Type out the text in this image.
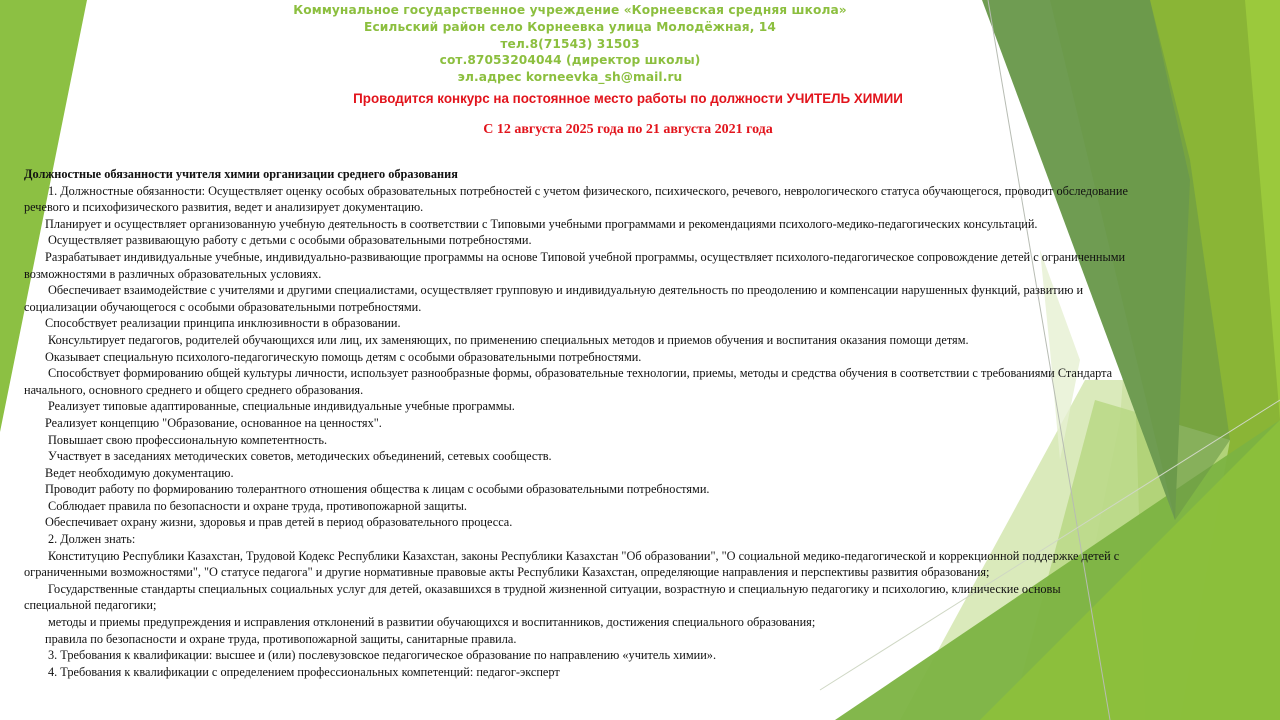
Коммунальное государственное учреждение «Корнеевская средняя школа»
Есильский район село Корнеевка улица Молодёжная, 14
тел.8(71543) 31503
сот.87053204044 (директор школы)
эл.адрес korneevka_sh@mail.ru
Проводится конкурс на постоянное место работы по должности УЧИТЕЛЬ ХИМИИ
С 12 августа 2025 года по 21 августа 2021 года
Должностные обязанности учителя химии организации среднего образования
1. Должностные обязанности: Осуществляет оценку особых образовательных потребностей с учетом физического, психического, речевого, неврологического статуса обучающегося, проводит обследование
речевого и психофизического развития, ведет и анализирует документацию.
Планирует и осуществляет организованную учебную деятельность в соответствии с Типовыми учебными программами и рекомендациями психолого-медико-педагогических консультаций.
Осуществляет развивающую работу с детьми с особыми образовательными потребностями.
Разрабатывает индивидуальные учебные, индивидуально-развивающие программы на основе Типовой учебной программы, осуществляет психолого-педагогическое сопровождение детей с ограниченными
возможностями в различных образовательных условиях.
Обеспечивает взаимодействие с учителями и другими специалистами, осуществляет групповую и индивидуальную деятельность по преодолению и компенсации нарушенных функций, развитию и
социализации обучающегося с особыми образовательными потребностями.
Способствует реализации принципа инклюзивности в образовании.
Консультирует педагогов, родителей обучающихся или лиц, их заменяющих, по применению специальных методов и приемов обучения и воспитания оказания помощи детям.
Оказывает специальную психолого-педагогическую помощь детям с особыми образовательными потребностями.
Способствует формированию общей культуры личности, использует разнообразные формы, образовательные технологии, приемы, методы и средства обучения в соответствии с требованиями Стандарта
начального, основного среднего и общего среднего образования.
Реализует типовые адаптированные, специальные индивидуальные учебные программы.
Реализует концепцию "Образование, основанное на ценностях".
Повышает свою профессиональную компетентность.
Участвует в заседаниях методических советов, методических объединений, сетевых сообществ.
Ведет необходимую документацию.
Проводит работу по формированию толерантного отношения общества к лицам с особыми образовательными потребностями.
Соблюдает правила по безопасности и охране труда, противопожарной защиты.
Обеспечивает охрану жизни, здоровья и прав детей в период образовательного процесса.
2. Должен знать:
Конституцию Республики Казахстан, Трудовой Кодекс Республики Казахстан, законы Республики Казахстан "Об образовании", "О социальной медико-педагогической и коррекционной поддержке детей с
ограниченными возможностями", "О статусе педагога" и другие нормативные правовые акты Республики Казахстан, определяющие направления и перспективы развития образования;
Государственные стандарты специальных социальных услуг для детей, оказавшихся в трудной жизненной ситуации, возрастную и специальную педагогику и психологию, клинические основы
специальной педагогики;
методы и приемы предупреждения и исправления отклонений в развитии обучающихся и воспитанников, достижения специального образования;
правила по безопасности и охране труда, противопожарной защиты, санитарные правила.
3. Требования к квалификации: высшее и (или) послевузовское педагогическое образование по направлению «учитель химии».
4. Требования к квалификации с определением профессиональных компетенций: педагог-эксперт
